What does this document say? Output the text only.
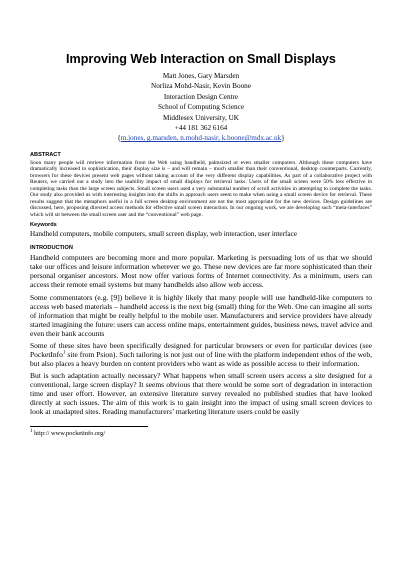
Improving Web Interaction on Small Displays

Matt Jones, Gary Marsden

Norliza Mohd-Nasir, Kevin Boone

Interaction Design Centre

School of Computing Science

Middlesex University, UK

+44 181 362 6164

{m.jones, g.marsden, n.mohd-nasir, k.boone@mdx.ac.uk}

ABSTRACT

Soon many people will retrieve information from the Web using handheld, palmsized or even smaller computers. Although these computers have dramatically increased in sophistication, their display size is – and will remain – much smaller than their conventional, desktop counterparts. Currently, browsers for these devices present web pages without taking account of the very different display capabilities. As part of a collaborative project with Reuters, we carried out a study into the usability impact of small displays for retrieval tasks. Users of the small screen were 50% less effective in completing tasks than the large screen subjects. Small screen users used a very substantial number of scroll activities in attempting to complete the tasks. Our study also provided us with interesting insights into the shifts in approach users seem to make when using a small screen device for retrieval. These results suggest that the metaphors useful in a full screen desktop environment are not the most appropriate for the new devices. Design guidelines are discussed, here, proposing directed access methods for effective small screen interaction. In our ongoing work, we are developing such “meta-interfaces” which will sit between the small screen user and the “conventional” web page.

Keywords

Handheld computers, mobile computers, small screen display, web interaction, user interface

INTRODUCTION

Handheld computers are becoming more and more popular. Marketing is persuading lots of us that we should take our offices and leisure information wherever we go. These new devices are far more sophisticated than their personal organiser ancestors. Most now offer various forms of Internet connectivity. As a minimum, users can access their remote email systems but many handhelds also allow web access.

Some commentators (e.g. [9]) believe it is highly likely that many people will use handheld-like computers to access web based materials – handheld access is the next big (small) thing for the Web. One can imagine all sorts of information that might be really helpful to the mobile user. Manufacturers and service providers have already started imagining the future: users can access online maps, entertainment guides, business news, travel advice and even their bank accounts

Some of these sites have been specifically designed for particular browsers or even for particular devices (see PocketInfo$^1$ site from Psion). Such tailoring is not just out of line with the platform independent ethos of the web, but also places a heavy burden on content providers who want as wide as possible access to their information.

But is such adaptation actually necessary? What happens when small screen users access a site designed for a conventional, large screen display? It seems obvious that there would be some sort of degradation in interaction time and user effort. However, an extensive literature survey revealed no published studies that have looked directly at such issues. The aim of this work is to gain insight into the impact of using small screen devices to look at unadapted sites. Reading manufacturers’ marketing literature users could be easily

$^1$ http:// www.pocketinfo.org/
